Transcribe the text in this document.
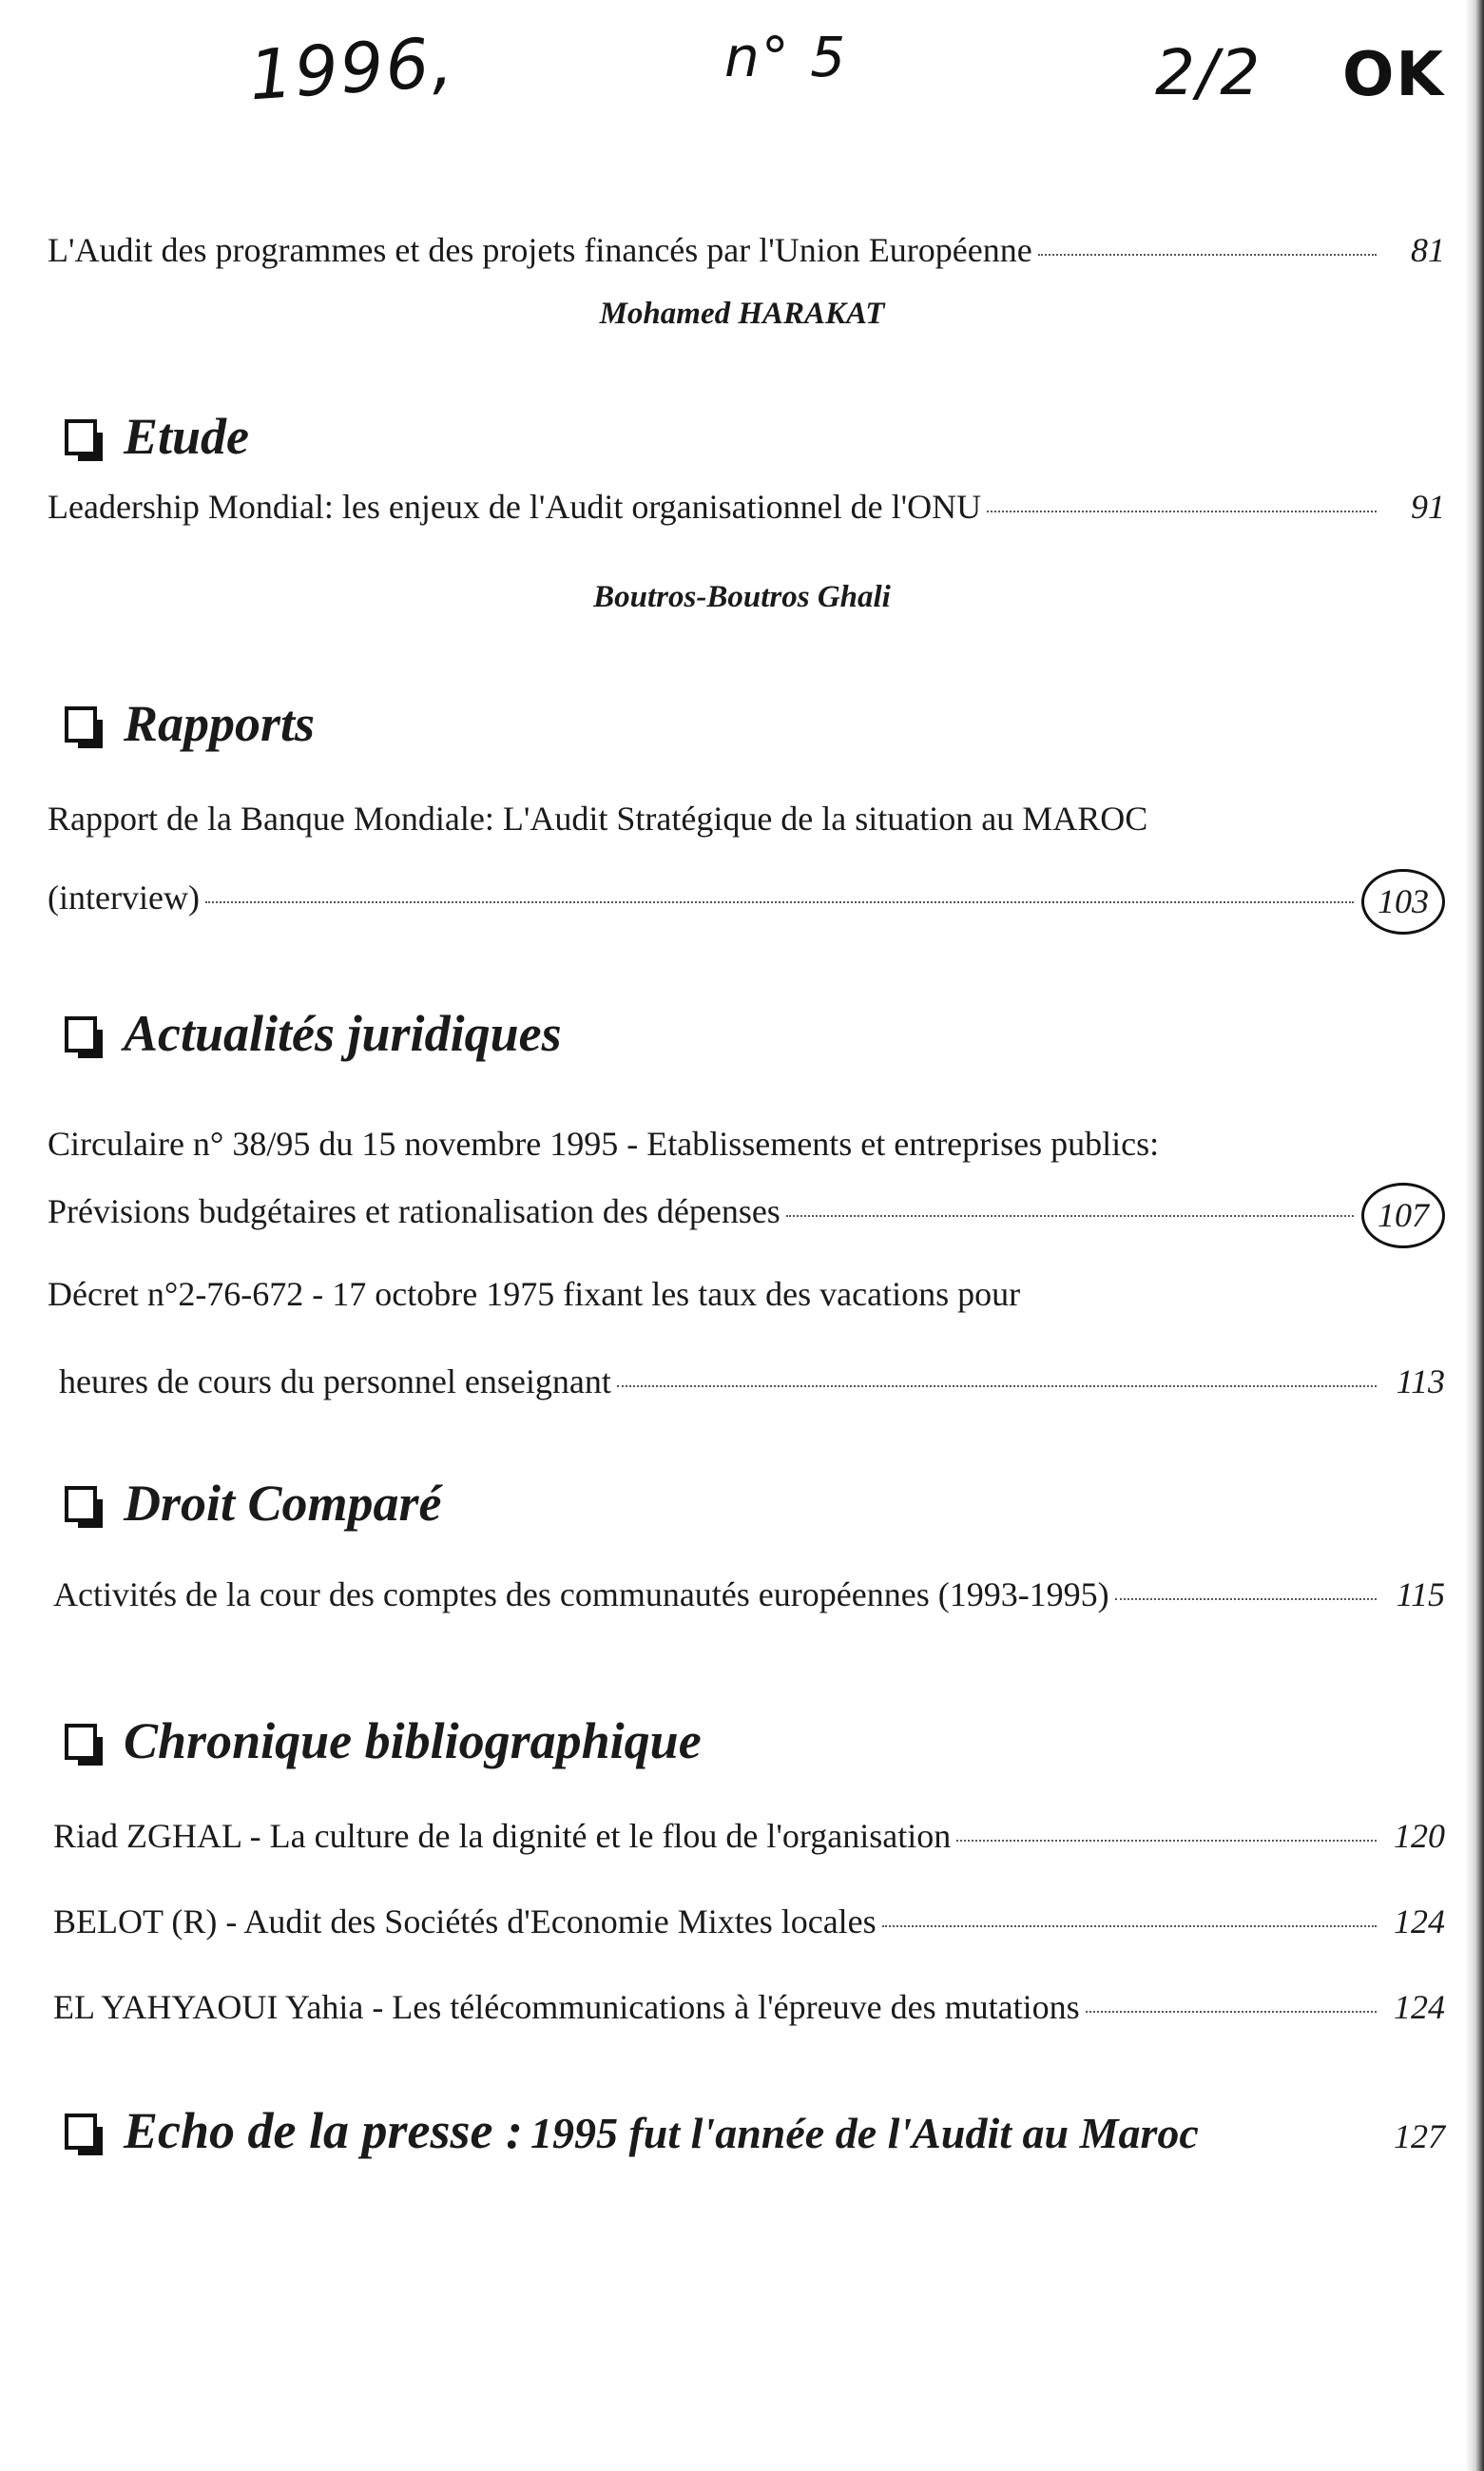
1996,	n° 5	2/2 OK
L'Audit des programmes et des projets financés par l'Union Européenne	81
Mohamed HARAKAT
Etude
Leadership Mondial: les enjeux de l'Audit organisationnel de l'ONU	91
Boutros-Boutros Ghali
Rapports
Rapport de la Banque Mondiale: L'Audit Stratégique de la situation au MAROC
(interview)	103
Actualités juridiques
Circulaire n° 38/95 du 15 novembre 1995 - Etablissements et entreprises publics:
Prévisions budgétaires et rationalisation des dépenses	107
Décret n°2-76-672 - 17 octobre 1975 fixant les taux des vacations pour
heures de cours du personnel enseignant	113
Droit Comparé
Activités de la cour des comptes des communautés européennes (1993-1995)	115
Chronique bibliographique
Riad ZGHAL - La culture de la dignité et le flou de l'organisation	120
BELOT (R) - Audit des Sociétés d'Economie Mixtes locales	124
EL YAHYAOUI Yahia - Les télécommunications à l'épreuve des mutations	124
Echo de la presse : 1995 fut l'année de l'Audit au Maroc	127
